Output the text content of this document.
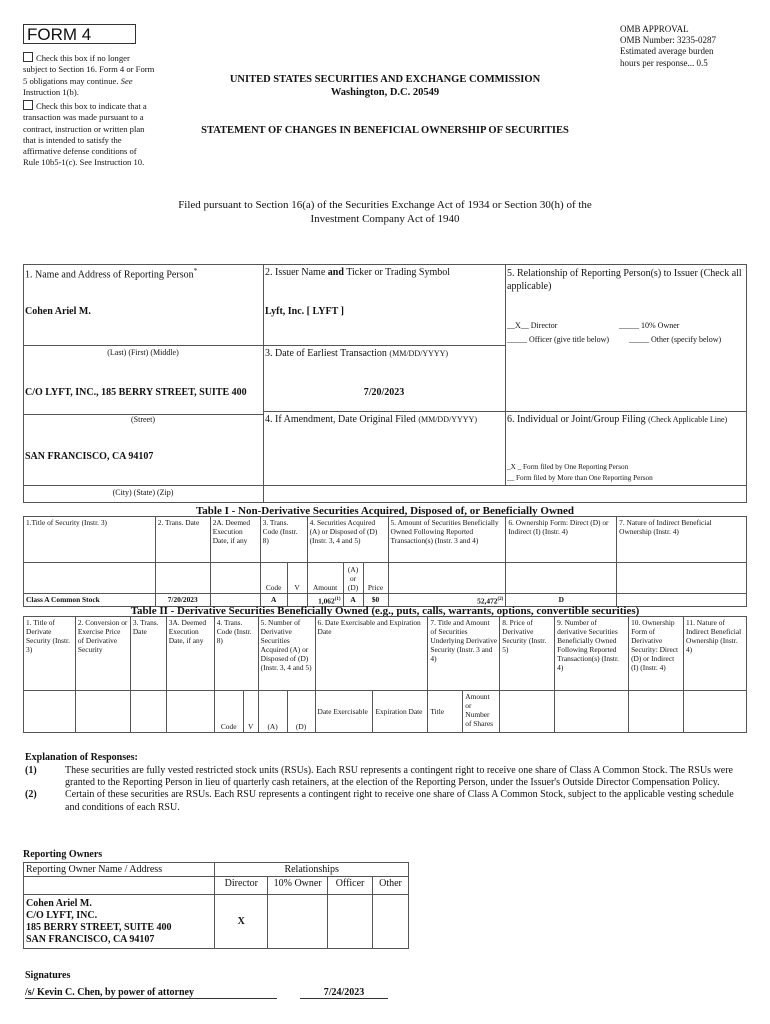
FORM 4
Check this box if no longer subject to Section 16. Form 4 or Form 5 obligations may continue. See Instruction 1(b).
Check this box to indicate that a transaction was made pursuant to a contract, instruction or written plan that is intended to satisfy the affirmative defense conditions of Rule 10b5-1(c). See Instruction 10.
OMB APPROVAL
OMB Number: 3235-0287
Estimated average burden
hours per response... 0.5
UNITED STATES SECURITIES AND EXCHANGE COMMISSION
Washington, D.C. 20549
STATEMENT OF CHANGES IN BENEFICIAL OWNERSHIP OF SECURITIES
Filed pursuant to Section 16(a) of the Securities Exchange Act of 1934 or Section 30(h) of the
Investment Company Act of 1940
1. Name and Address of Reporting Person*
Cohen Ariel M.
(Last) (First) (Middle)
C/O LYFT, INC., 185 BERRY STREET, SUITE 400
(Street)
SAN FRANCISCO, CA 94107
(City) (State) (Zip)
2. Issuer Name and Ticker or Trading Symbol
Lyft, Inc. [ LYFT ]
3. Date of Earliest Transaction (MM/DD/YYYY)
7/20/2023
4. If Amendment, Date Original Filed (MM/DD/YYYY)
5. Relationship of Reporting Person(s) to Issuer (Check all applicable)
__X__ Director	_____ 10% Owner
_____ Officer (give title below) _____ Other (specify below)
6. Individual or Joint/Group Filing (Check Applicable Line)
_X _ Form filed by One Reporting Person
__ Form filed by More than One Reporting Person
Table I - Non-Derivative Securities Acquired, Disposed of, or Beneficially Owned
1.Title of Security (Instr. 3)	2. Trans. Date	2A. Deemed Execution Date, if any	3. Trans. Code (Instr. 8)		4. Securities Acquired (A) or Disposed of (D) (Instr. 3, 4 and 5)			5. Amount of Securities Beneficially Owned Following Reported Transaction(s) (Instr. 3 and 4)	6. Ownership Form: Direct (D) or Indirect (I) (Instr. 4)	7. Nature of Indirect Beneficial Ownership (Instr. 4)
			Code	V	Amount	(A) or (D)	Price			
Class A Common Stock	7/20/2023		A		1,062$^{(1)}$	A	$0	52,472$^{(2)}$	D	
Table II - Derivative Securities Beneficially Owned (e.g., puts, calls, warrants, options, convertible securities)
1. Title of Derivate Security (Instr. 3)	2. Conversion or Exercise Price of Derivative Security	3. Trans. Date	3A. Deemed Execution Date, if any	4. Trans. Code (Instr. 8)		5. Number of Derivative Securities Acquired (A) or Disposed of (D) (Instr. 3, 4 and 5)		6. Date Exercisable and Expiration Date		7. Title and Amount of Securities Underlying Derivative Security (Instr. 3 and 4)		8. Price of Derivative Security (Instr. 5)	9. Number of derivative Securities Beneficially Owned Following Reported Transaction(s) (Instr. 4)	10. Ownership Form of Derivative Security: Direct (D) or Indirect (I) (Instr. 4)	11. Nature of Indirect Beneficial Ownership (Instr. 4)
				Code	V	(A)	(D)	Date Exercisable	Expiration Date	Title	Amount or Number of Shares				
Explanation of Responses:
(1)	These securities are fully vested restricted stock units (RSUs). Each RSU represents a contingent right to receive one share of Class A Common Stock. The RSUs were granted to the Reporting Person in lieu of quarterly cash retainers, at the election of the Reporting Person, under the Issuer's Outside Director Compensation Policy.
(2)	Certain of these securities are RSUs. Each RSU represents a contingent right to receive one share of Class A Common Stock, subject to the applicable vesting schedule and conditions of each RSU.
Reporting Owners
Reporting Owner Name / Address	Relationships			
	Director	10% Owner	Officer	Other

Cohen Ariel M.
C/O LYFT, INC.
185 BERRY STREET, SUITE 400
SAN FRANCISCO, CA 94107	X			
Signatures
/s/ Kevin C. Chen, by power of attorney	7/24/2023
